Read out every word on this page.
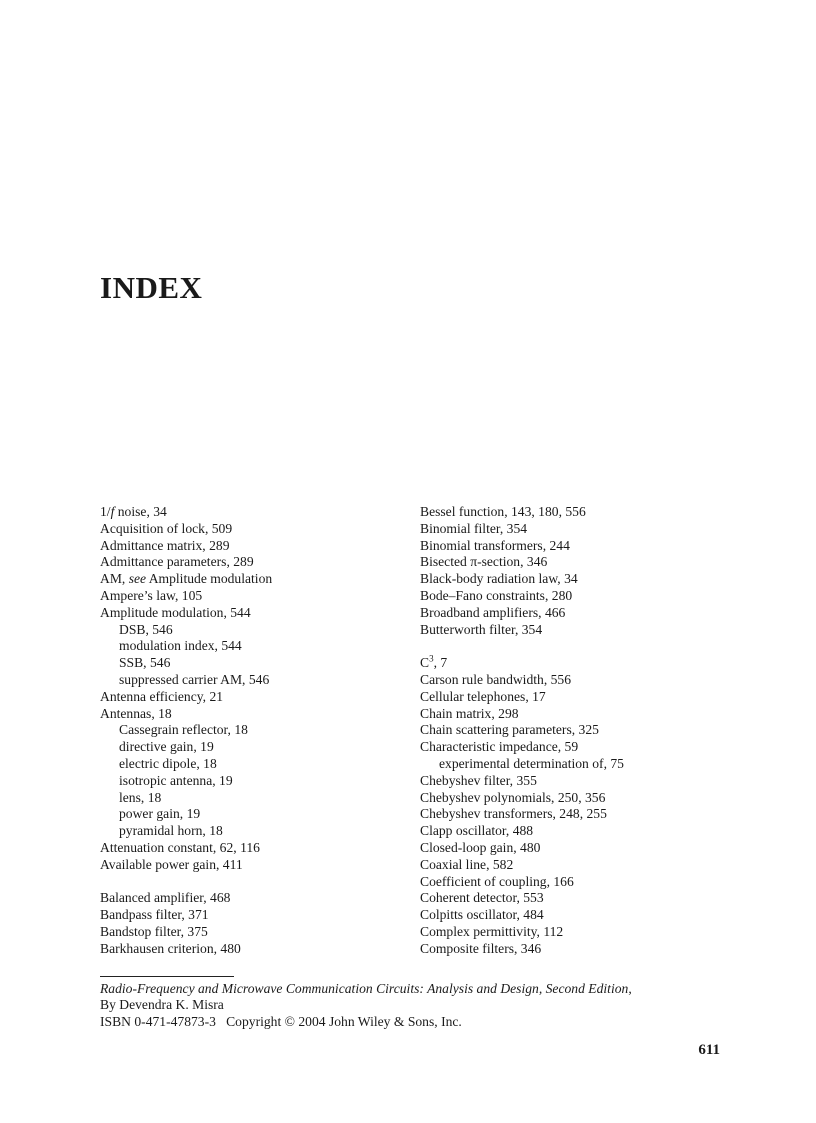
INDEX
1/f noise, 34
Acquisition of lock, 509
Admittance matrix, 289
Admittance parameters, 289
AM, see Amplitude modulation
Ampere’s law, 105
Amplitude modulation, 544
DSB, 546
modulation index, 544
SSB, 546
suppressed carrier AM, 546
Antenna efficiency, 21
Antennas, 18
Cassegrain reflector, 18
directive gain, 19
electric dipole, 18
isotropic antenna, 19
lens, 18
power gain, 19
pyramidal horn, 18
Attenuation constant, 62, 116
Available power gain, 411
Balanced amplifier, 468
Bandpass filter, 371
Bandstop filter, 375
Barkhausen criterion, 480
Bessel function, 143, 180, 556
Binomial filter, 354
Binomial transformers, 244
Bisected π-section, 346
Black-body radiation law, 34
Bode–Fano constraints, 280
Broadband amplifiers, 466
Butterworth filter, 354
$C^3$, 7
Carson rule bandwidth, 556
Cellular telephones, 17
Chain matrix, 298
Chain scattering parameters, 325
Characteristic impedance, 59
experimental determination of, 75
Chebyshev filter, 355
Chebyshev polynomials, 250, 356
Chebyshev transformers, 248, 255
Clapp oscillator, 488
Closed-loop gain, 480
Coaxial line, 582
Coefficient of coupling, 166
Coherent detector, 553
Colpitts oscillator, 484
Complex permittivity, 112
Composite filters, 346
Radio-Frequency and Microwave Communication Circuits: Analysis and Design, Second Edition,
By Devendra K. Misra
ISBN 0-471-47873-3   Copyright © 2004 John Wiley & Sons, Inc.
611
